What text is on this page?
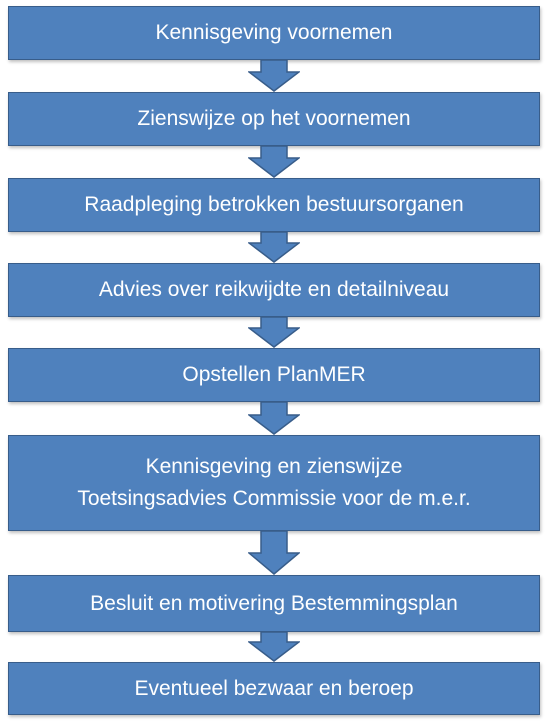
Kennisgeving voornemen
Zienswijze op het voornemen
Raadpleging betrokken bestuursorganen
Advies over reikwijdte en detailniveau
Opstellen PlanMER
Kennisgeving en zienswijze
Toetsingsadvies Commissie voor de m.e.r.
Besluit en motivering Bestemmingsplan
Eventueel bezwaar en beroep
